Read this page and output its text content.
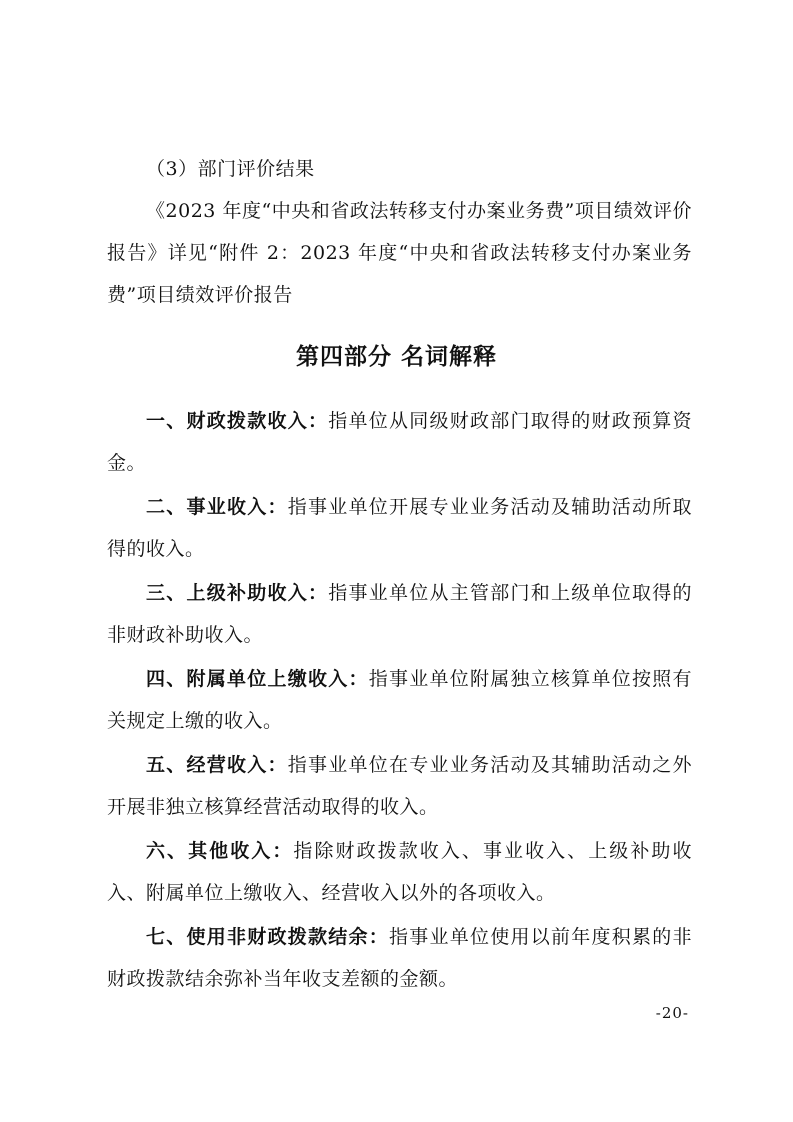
（3）部门评价结果

《2023 年度“中央和省政法转移支付办案业务费”项目绩效评价报告》详见“附件 2：2023 年度“中央和省政法转移支付办案业务费”项目绩效评价报告

第四部分 名词解释

一、财政拨款收入：指单位从同级财政部门取得的财政预算资金。

二、事业收入：指事业单位开展专业业务活动及辅助活动所取得的收入。

三、上级补助收入：指事业单位从主管部门和上级单位取得的非财政补助收入。

四、附属单位上缴收入：指事业单位附属独立核算单位按照有关规定上缴的收入。

五、经营收入：指事业单位在专业业务活动及其辅助活动之外开展非独立核算经营活动取得的收入。

六、其他收入：指除财政拨款收入、事业收入、上级补助收入、附属单位上缴收入、经营收入以外的各项收入。

七、使用非财政拨款结余：指事业单位使用以前年度积累的非财政拨款结余弥补当年收支差额的金额。

-20-
